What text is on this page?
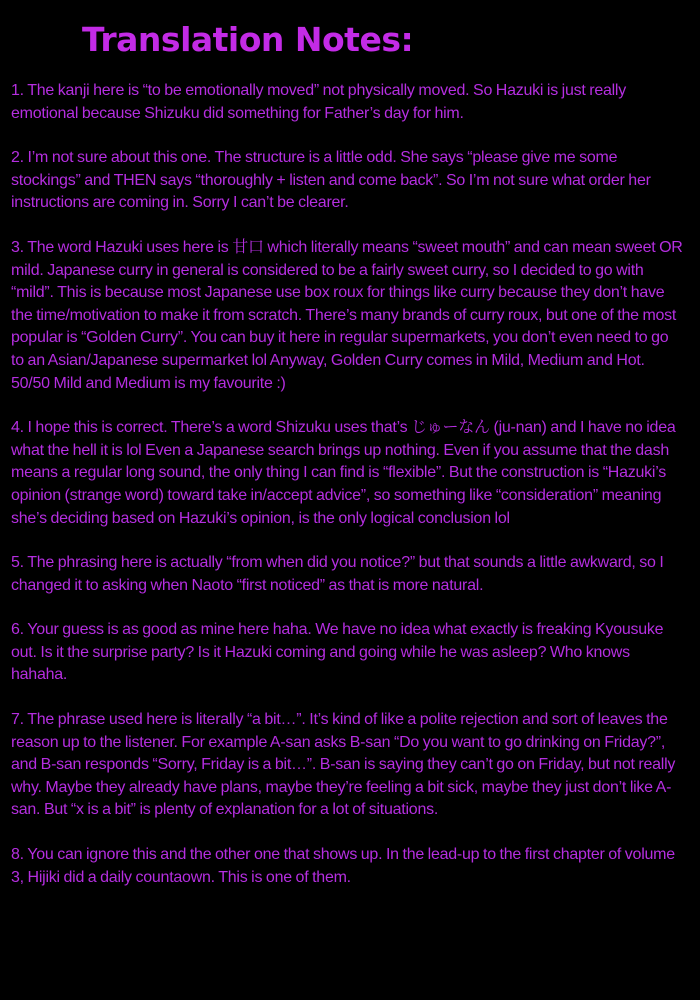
Translation Notes:

1. The kanji here is “to be emotionally moved” not physically moved. So Hazuki is just really emotional because Shizuku did something for Father’s day for him.

2. I’m not sure about this one. The structure is a little odd. She says “please give me some stockings” and THEN says “thoroughly + listen and come back”. So I’m not sure what order her instructions are coming in. Sorry I can’t be clearer.

3. The word Hazuki uses here is 甘口 which literally means “sweet mouth” and can mean sweet OR mild. Japanese curry in general is considered to be a fairly sweet curry, so I decided to go with “mild”. This is because most Japanese use box roux for things like curry because they don’t have the time/motivation to make it from scratch. There’s many brands of curry roux, but one of the most popular is “Golden Curry”. You can buy it here in regular supermarkets, you don’t even need to go to an Asian/Japanese supermarket lol Anyway, Golden Curry comes in Mild, Medium and Hot. 50/50 Mild and Medium is my favourite :)

4. I hope this is correct. There’s a word Shizuku uses that’s じゅーなん (ju-nan) and I have no idea what the hell it is lol Even a Japanese search brings up nothing. Even if you assume that the dash means a regular long sound, the only thing I can find is “flexible”. But the construction is “Hazuki’s opinion (strange word) toward take in/accept advice”, so something like “consideration” meaning she’s deciding based on Hazuki’s opinion, is the only logical conclusion lol

5. The phrasing here is actually “from when did you notice?” but that sounds a little awkward, so I changed it to asking when Naoto “first noticed” as that is more natural.

6. Your guess is as good as mine here haha. We have no idea what exactly is freaking Kyousuke out. Is it the surprise party? Is it Hazuki coming and going while he was asleep? Who knows hahaha.

7. The phrase used here is literally “a bit…”. It’s kind of like a polite rejection and sort of leaves the reason up to the listener. For example A-san asks B-san “Do you want to go drinking on Friday?”, and B-san responds “Sorry, Friday is a bit…”. B-san is saying they can’t go on Friday, but not really why. Maybe they already have plans, maybe they’re feeling a bit sick, maybe they just don’t like A-san. But “x is a bit” is plenty of explanation for a lot of situations.

8. You can ignore this and the other one that shows up. In the lead-up to the first chapter of volume 3, Hijiki did a daily countaown. This is one of them.
